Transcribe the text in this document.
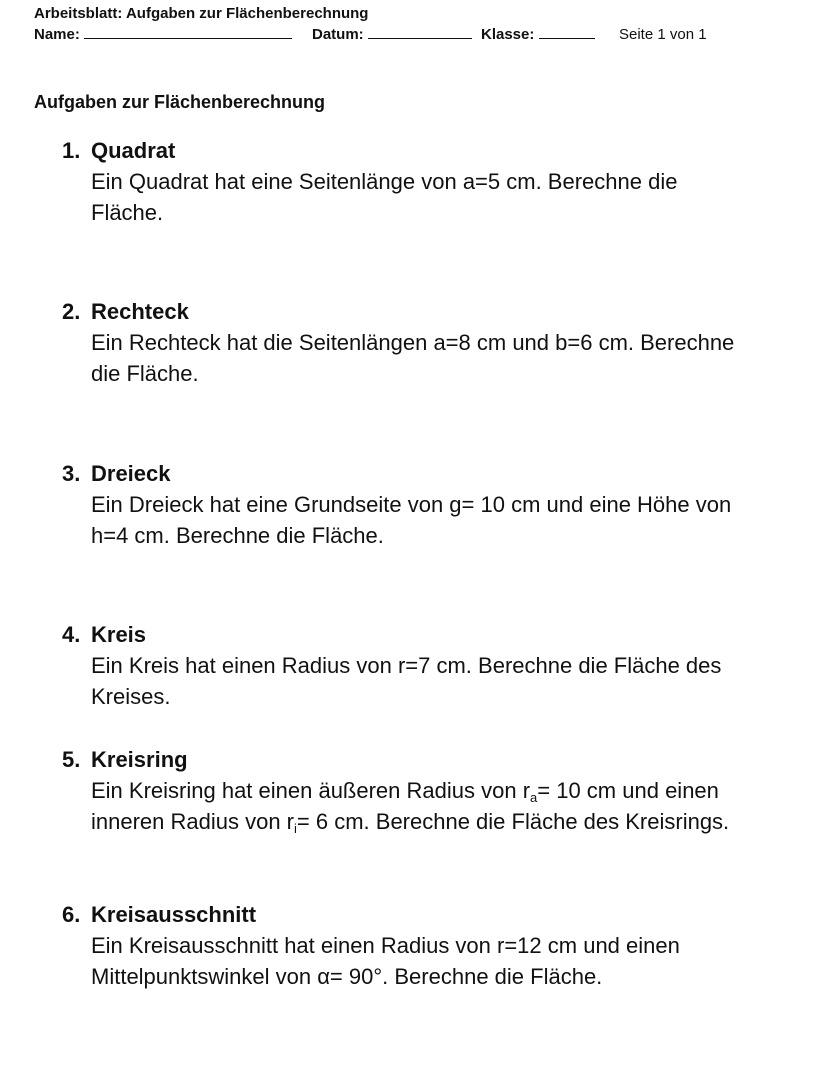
Arbeitsblatt: Aufgaben zur Flächenberechnung
Name:	Datum:	Klasse:	Seite 1 von 1
Aufgaben zur Flächenberechnung
1. Quadrat
Ein Quadrat hat eine Seitenlänge von a=5 cm. Berechne die Fläche.
2. Rechteck
Ein Rechteck hat die Seitenlängen a=8 cm und b=6 cm. Berechne die Fläche.
3. Dreieck
Ein Dreieck hat eine Grundseite von g= 10 cm und eine Höhe von h=4 cm. Berechne die Fläche.
4. Kreis
Ein Kreis hat einen Radius von r=7 cm. Berechne die Fläche des Kreises.
5. Kreisring
Ein Kreisring hat einen äußeren Radius von $r_a= 10$ cm und einen inneren Radius von $r_i= 6$ cm. Berechne die Fläche des Kreisrings.
6. Kreisausschnitt
Ein Kreisausschnitt hat einen Radius von r=12 cm und einen Mittelpunktswinkel von α= 90°. Berechne die Fläche.
